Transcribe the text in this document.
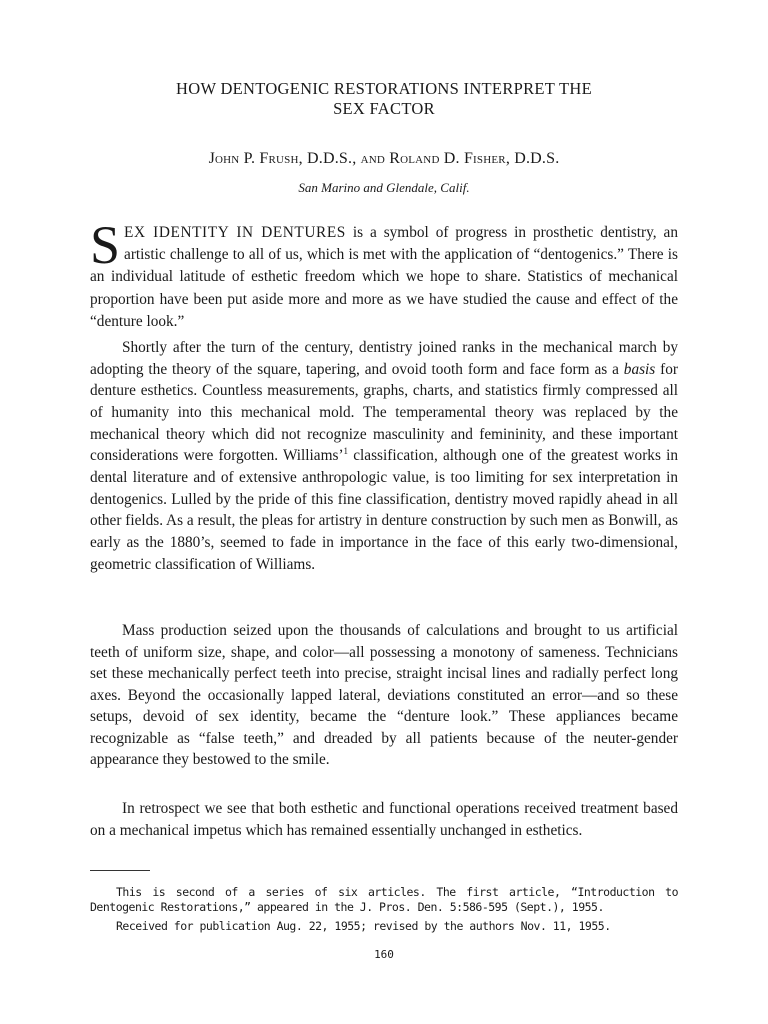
HOW DENTOGENIC RESTORATIONS INTERPRET THE
SEX FACTOR
John P. Frush, D.D.S., and Roland D. Fisher, D.D.S.
San Marino and Glendale, Calif.

SEX IDENTITY IN DENTURES is a symbol of progress in prosthetic dentistry, an artistic challenge to all of us, which is met with the application of “dentogenics.” There is an individual latitude of esthetic freedom which we hope to share. Statistics of mechanical proportion have been put aside more and more as we have studied the cause and effect of the “denture look.”

Shortly after the turn of the century, dentistry joined ranks in the mechanical march by adopting the theory of the square, tapering, and ovoid tooth form and face form as a basis for denture esthetics. Countless measurements, graphs, charts, and statistics firmly compressed all of humanity into this mechanical mold. The temperamental theory was replaced by the mechanical theory which did not recognize masculinity and femininity, and these important considerations were forgotten. Williams’$^1$ classification, although one of the greatest works in dental literature and of extensive anthropologic value, is too limiting for sex interpretation in dentogenics. Lulled by the pride of this fine classification, dentistry moved rapidly ahead in all other fields. As a result, the pleas for artistry in denture construction by such men as Bonwill, as early as the 1880’s, seemed to fade in importance in the face of this early two-dimensional, geometric classification of Williams.

Mass production seized upon the thousands of calculations and brought to us artificial teeth of uniform size, shape, and color—all possessing a monotony of sameness. Technicians set these mechanically perfect teeth into precise, straight incisal lines and radially perfect long axes. Beyond the occasionally lapped lateral, deviations constituted an error—and so these setups, devoid of sex identity, became the “denture look.” These appliances became recognizable as “false teeth,” and dreaded by all patients because of the neuter-gender appearance they bestowed to the smile.

In retrospect we see that both esthetic and functional operations received treatment based on a mechanical impetus which has remained essentially unchanged in esthetics.

This is second of a series of six articles. The first article, “Introduction to Dentogenic Restorations,” appeared in the J. Pros. Den. 5:586-595 (Sept.), 1955.

Received for publication Aug. 22, 1955; revised by the authors Nov. 11, 1955.

160
